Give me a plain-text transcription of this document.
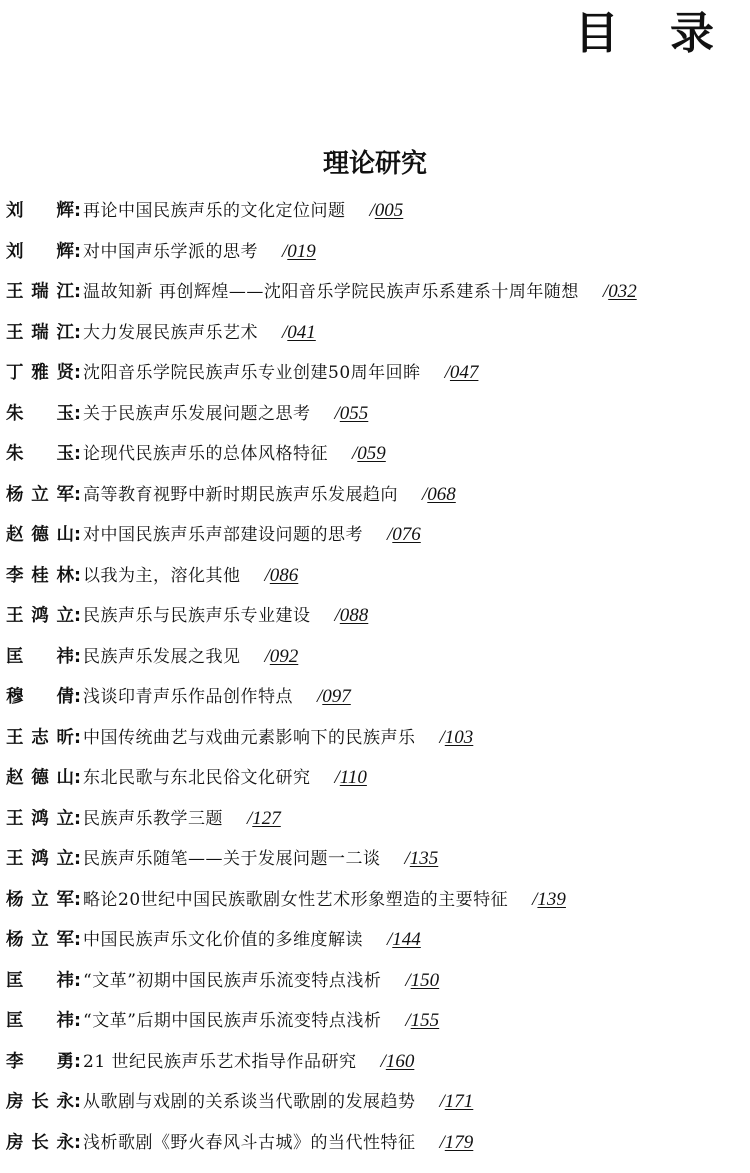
目 录
理论研究
刘辉 : 再论中国民族声乐的文化定位问题 /005
刘辉 : 对中国声乐学派的思考 /019
王瑞江 : 温故知新 再创辉煌——沈阳音乐学院民族声乐系建系十周年随想 /032
王瑞江 : 大力发展民族声乐艺术 /041
丁雅贤 : 沈阳音乐学院民族声乐专业创建50周年回眸 /047
朱玉 : 关于民族声乐发展问题之思考 /055
朱玉 : 论现代民族声乐的总体风格特征 /059
杨立军 : 高等教育视野中新时期民族声乐发展趋向 /068
赵德山 : 对中国民族声乐声部建设问题的思考 /076
李桂林 : 以我为主，溶化其他 /086
王鸿立 : 民族声乐与民族声乐专业建设 /088
匡祎 : 民族声乐发展之我见 /092
穆倩 : 浅谈印青声乐作品创作特点 /097
王志昕 : 中国传统曲艺与戏曲元素影响下的民族声乐 /103
赵德山 : 东北民歌与东北民俗文化研究 /110
王鸿立 : 民族声乐教学三题 /127
王鸿立 : 民族声乐随笔——关于发展问题一二谈 /135
杨立军 : 略论20世纪中国民族歌剧女性艺术形象塑造的主要特征 /139
杨立军 : 中国民族声乐文化价值的多维度解读 /144
匡祎 : “文革”初期中国民族声乐流变特点浅析 /150
匡祎 : “文革”后期中国民族声乐流变特点浅析 /155
李勇 : 21 世纪民族声乐艺术指导作品研究 /160
房长永 : 从歌剧与戏剧的关系谈当代歌剧的发展趋势 /171
房长永 : 浅析歌剧《野火春风斗古城》的当代性特征 /179
